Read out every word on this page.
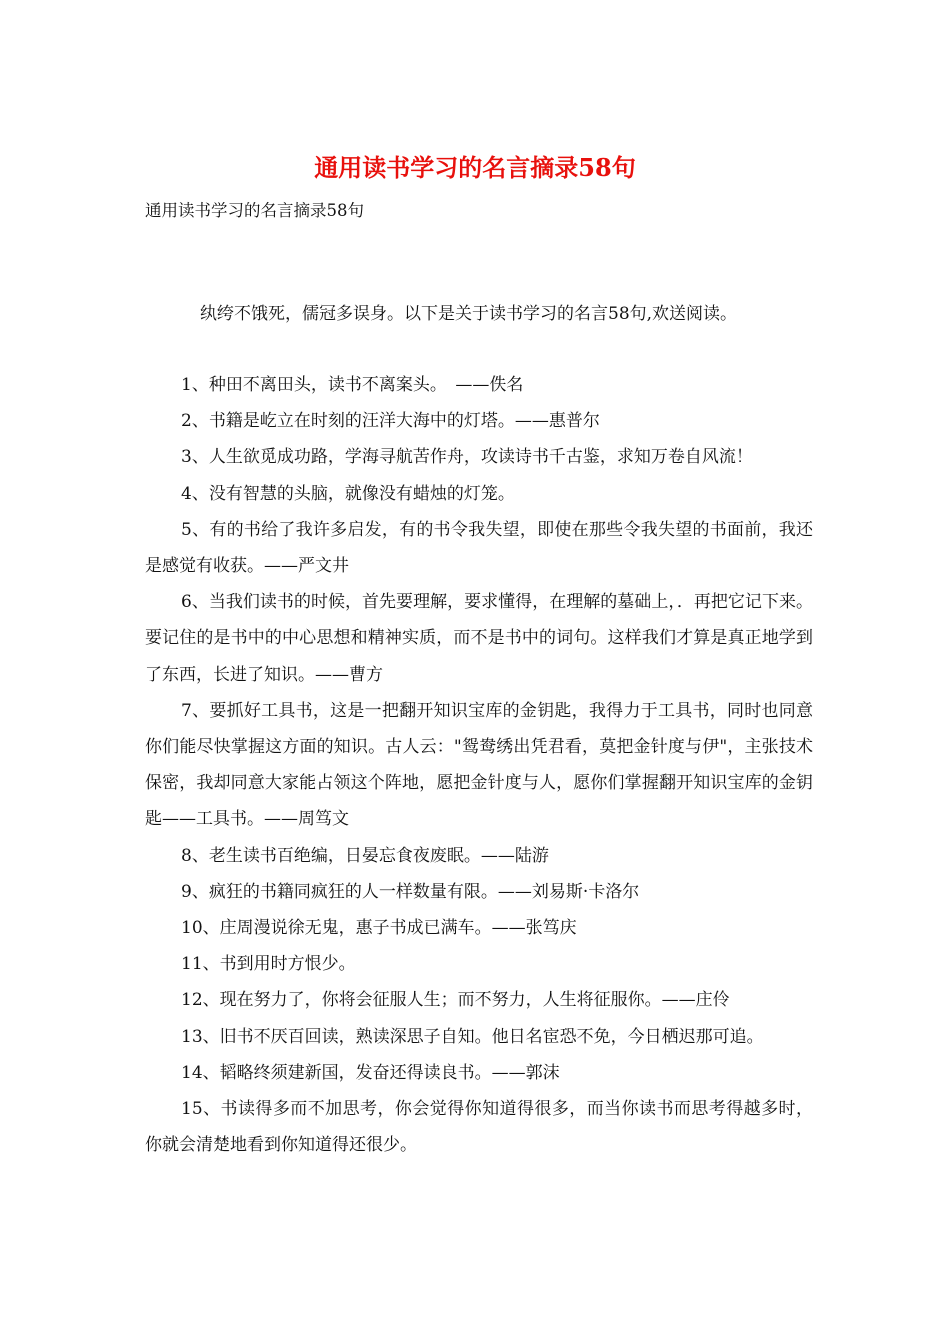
通用读书学习的名言摘录58句

通用读书学习的名言摘录58句

纨绔不饿死，儒冠多误身。以下是关于读书学习的名言58句,欢送阅读。

1、种田不离田头，读书不离案头。　——佚名

2、书籍是屹立在时刻的汪洋大海中的灯塔。——惠普尔

3、人生欲觅成功路，学海寻航苦作舟，攻读诗书千古鉴，求知万卷自风流！

4、没有智慧的头脑，就像没有蜡烛的灯笼。

5、有的书给了我许多启发，有的书令我失望，即使在那些令我失望的书面前，我还是感觉有收获。——严文井

6、当我们读书的时候，首先要理解，要求懂得，在理解的墓础上，．再把它记下来。要记住的是书中的中心思想和精神实质，而不是书中的词句。这样我们才算是真正地学到了东西，长进了知识。——曹方

7、要抓好工具书，这是一把翻开知识宝库的金钥匙，我得力于工具书，同时也同意你们能尽快掌握这方面的知识。古人云："鸳鸯绣出凭君看，莫把金针度与伊"，主张技术保密，我却同意大家能占领这个阵地，愿把金针度与人，愿你们掌握翻开知识宝库的金钥匙——工具书。——周笃文

8、老生读书百绝编，日晏忘食夜废眠。——陆游

9、疯狂的书籍同疯狂的人一样数量有限。——刘易斯·卡洛尔

10、庄周漫说徐无鬼，惠子书成已满车。——张笃庆

11、书到用时方恨少。

12、现在努力了，你将会征服人生；而不努力，人生将征服你。——庄伶

13、旧书不厌百回读，熟读深思子自知。他日名宦恐不免，今日栖迟那可追。

14、韬略终须建新国，发奋还得读良书。——郭沫

15、书读得多而不加思考，你会觉得你知道得很多，而当你读书而思考得越多时，你就会清楚地看到你知道得还很少。
